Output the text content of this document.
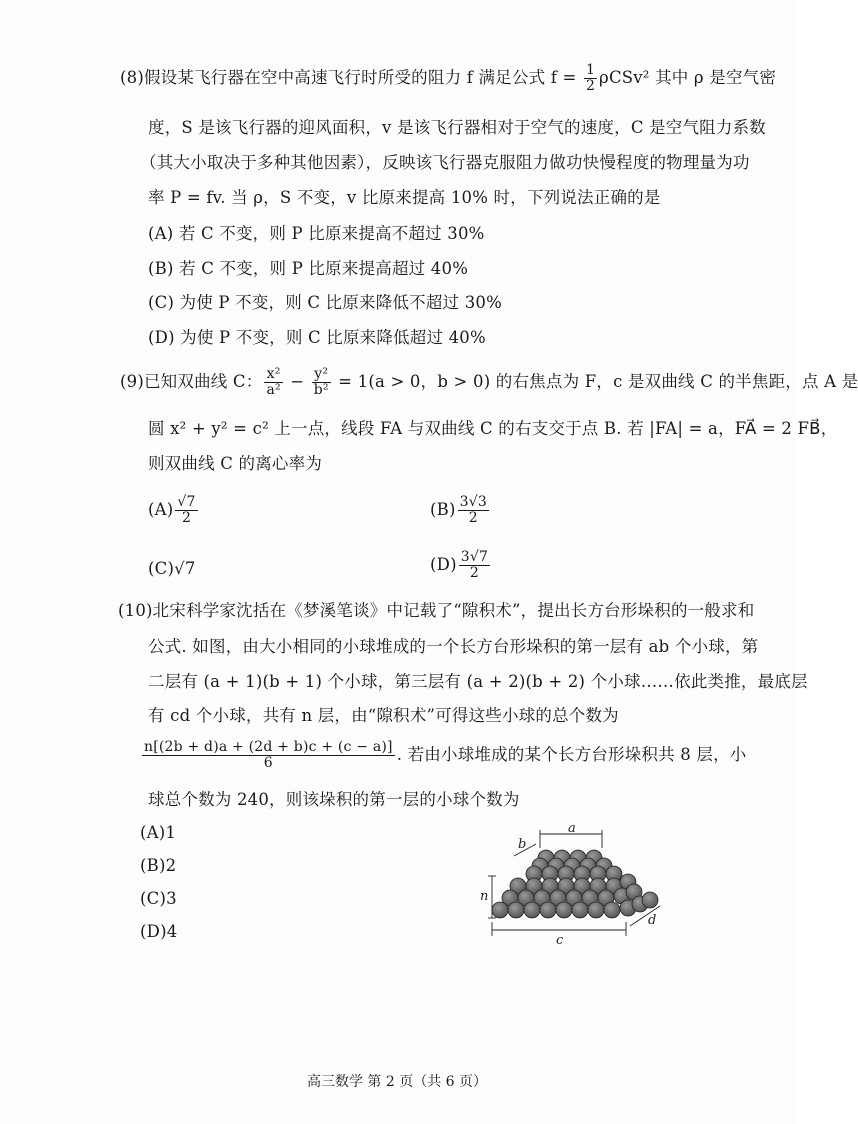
(8)假设某飞行器在空中高速飞行时所受的阻力 f 满足公式 $f = \frac{1}{2} \rho CSv^2$ 其中 ρ 是空气密
度，S 是该飞行器的迎风面积，v 是该飞行器相对于空气的速度，C 是空气阻力系数
（其大小取决于多种其他因素），反映该飞行器克服阻力做功快慢程度的物理量为功
率 P = fv. 当 ρ，S 不变，v 比原来提高 10% 时，下列说法正确的是
(A) 若 C 不变，则 P 比原来提高不超过 30%
(B) 若 C 不变，则 P 比原来提高超过 40%
(C) 为使 P 不变，则 C 比原来降低不超过 30%
(D) 为使 P 不变，则 C 比原来降低超过 40%
(9)已知双曲线 C： $\frac{\text{x²}}{\text{a²}} - \frac{\text{y²}}{\text{b²}} = 1(a > 0$，b > 0) 的右焦点为 F，c 是双曲线 C 的半焦距，点 A 是
圆 x² + y² = c² 上一点，线段 FA 与双曲线 C 的右支交于点 B. 若 |FA| = a，FA⃗ = 2 FB⃗，
则双曲线 C 的离心率为
$(A) \frac{√7}{2}$	$(B) \frac{3√3}{2}$
(C)√7	$(D) \frac{3√7}{2}$
(10)北宋科学家沈括在《梦溪笔谈》中记载了“隙积术”，提出长方台形垛积的一般求和
公式. 如图，由大小相同的小球堆成的一个长方台形垛积的第一层有 ab 个小球，第
二层有 (a + 1)(b + 1) 个小球，第三层有 (a + 2)(b + 2) 个小球……依此类推，最底层
有 cd 个小球，共有 n 层，由“隙积术”可得这些小球的总个数为
$\frac{n[(2b + d)a + (2d + b)c + (c - a)]}{6}$ . 若由小球堆成的某个长方台形垛积共 8 层，小
球总个数为 240，则该垛积的第一层的小球个数为
(A)1
(B)2
(C)3
(D)4
a
b
n
c
d
高三数学 第 2 页（共 6 页）
